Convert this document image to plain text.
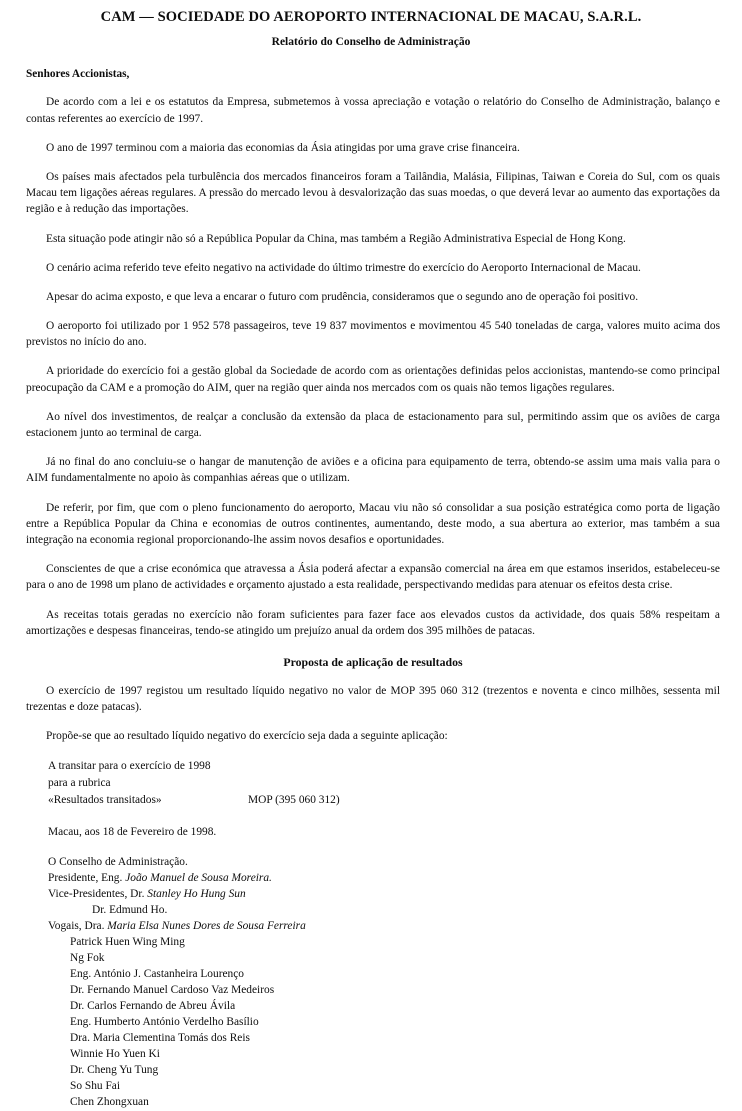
CAM — SOCIEDADE DO AEROPORTO INTERNACIONAL DE MACAU, S.A.R.L.
Relatório do Conselho de Administração
Senhores Accionistas,

De acordo com a lei e os estatutos da Empresa, submetemos à vossa apreciação e votação o relatório do Conselho de Administração, balanço e contas referentes ao exercício de 1997.

O ano de 1997 terminou com a maioria das economias da Ásia atingidas por uma grave crise financeira.

Os países mais afectados pela turbulência dos mercados financeiros foram a Tailândia, Malásia, Filipinas, Taiwan e Coreia do Sul, com os quais Macau tem ligações aéreas regulares. A pressão do mercado levou à desvalorização das suas moedas, o que deverá levar ao aumento das exportações da região e à redução das importações.

Esta situação pode atingir não só a República Popular da China, mas também a Região Administrativa Especial de Hong Kong.

O cenário acima referido teve efeito negativo na actividade do último trimestre do exercício do Aeroporto Internacional de Macau.

Apesar do acima exposto, e que leva a encarar o futuro com prudência, consideramos que o segundo ano de operação foi positivo.

O aeroporto foi utilizado por 1 952 578 passageiros, teve 19 837 movimentos e movimentou 45 540 toneladas de carga, valores muito acima dos previstos no início do ano.

A prioridade do exercício foi a gestão global da Sociedade de acordo com as orientações definidas pelos accionistas, mantendo-se como principal preocupação da CAM e a promoção do AIM, quer na região quer ainda nos mercados com os quais não temos ligações regulares.

Ao nível dos investimentos, de realçar a conclusão da extensão da placa de estacionamento para sul, permitindo assim que os aviões de carga estacionem junto ao terminal de carga.

Já no final do ano concluiu-se o hangar de manutenção de aviões e a oficina para equipamento de terra, obtendo-se assim uma mais valia para o AIM fundamentalmente no apoio às companhias aéreas que o utilizam.

De referir, por fim, que com o pleno funcionamento do aeroporto, Macau viu não só consolidar a sua posição estratégica como porta de ligação entre a República Popular da China e economias de outros continentes, aumentando, deste modo, a sua abertura ao exterior, mas também a sua integração na economia regional proporcionando-lhe assim novos desafios e oportunidades.

Conscientes de que a crise económica que atravessa a Ásia poderá afectar a expansão comercial na área em que estamos inseridos, estabeleceu-se para o ano de 1998 um plano de actividades e orçamento ajustado a esta realidade, perspectivando medidas para atenuar os efeitos desta crise.

As receitas totais geradas no exercício não foram suficientes para fazer face aos elevados custos da actividade, dos quais 58% respeitam a amortizações e despesas financeiras, tendo-se atingido um prejuízo anual da ordem dos 395 milhões de patacas.

Proposta de aplicação de resultados

O exercício de 1997 registou um resultado líquido negativo no valor de MOP 395 060 312 (trezentos e noventa e cinco milhões, sessenta mil trezentas e doze patacas).

Propõe-se que ao resultado líquido negativo do exercício seja dada a seguinte aplicação:

A transitar para o exercício de 1998
para a rubrica
«Resultados transitados»	MOP (395 060 312)
Macau, aos 18 de Fevereiro de 1998.
O Conselho de Administração.
Presidente, Eng. João Manuel de Sousa Moreira.
Vice-Presidentes, Dr. Stanley Ho Hung Sun
Dr. Edmund Ho.
Vogais, Dra. Maria Elsa Nunes Dores de Sousa Ferreira
Patrick Huen Wing Ming
Ng Fok
Eng. António J. Castanheira Lourenço
Dr. Fernando Manuel Cardoso Vaz Medeiros
Dr. Carlos Fernando de Abreu Ávila
Eng. Humberto António Verdelho Basílio
Dra. Maria Clementina Tomás dos Reis
Winnie Ho Yuen Ki
Dr. Cheng Yu Tung
So Shu Fai
Chen Zhongxuan
